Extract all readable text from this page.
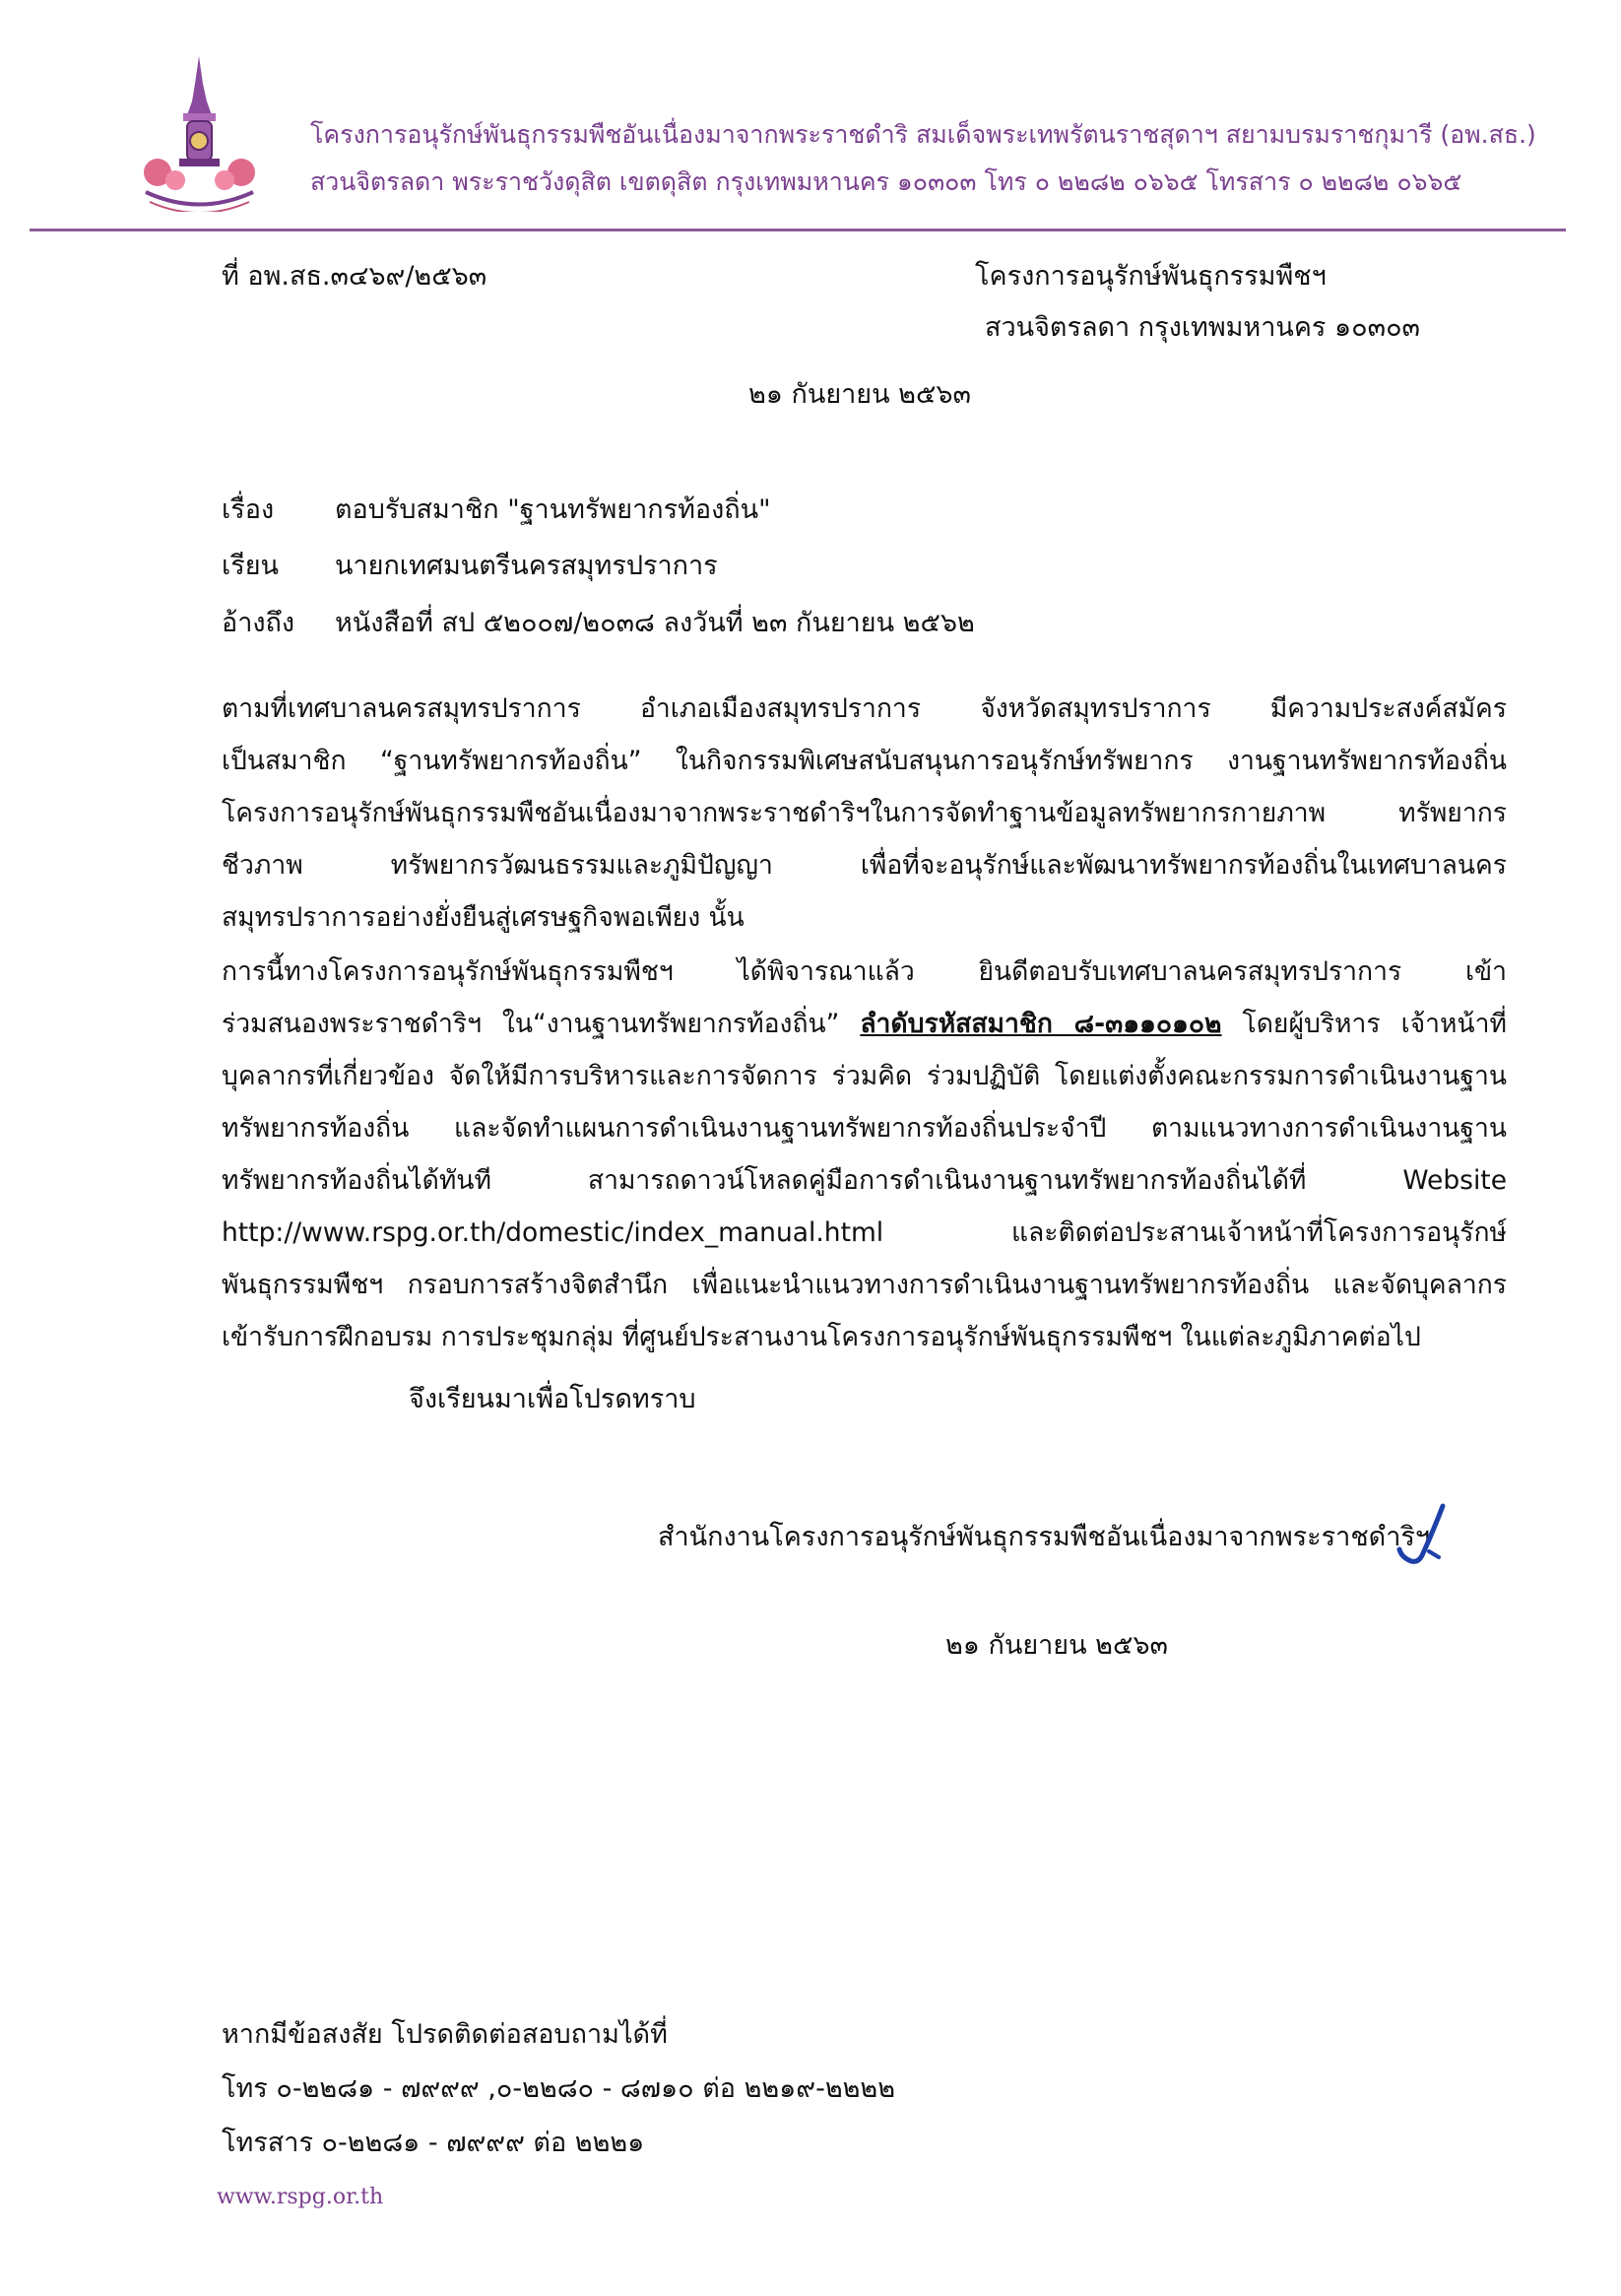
โครงการอนุรักษ์พันธุกรรมพืชอันเนื่องมาจากพระราชดำริ สมเด็จพระเทพรัตนราชสุดาฯ สยามบรมราชกุมารี (อพ.สธ.)
สวนจิตรลดา พระราชวังดุสิต เขตดุสิต กรุงเทพมหานคร ๑๐๓๐๓ โทร ๐ ๒๒๘๒ ๐๖๖๕ โทรสาร ๐ ๒๒๘๒ ๐๖๖๕
ที่ อพ.สธ.๓๔๖๙/๒๕๖๓	โครงการอนุรักษ์พันธุกรรมพืชฯ
สวนจิตรลดา กรุงเทพมหานคร ๑๐๓๐๓
๒๑ กันยายน ๒๕๖๓
เรื่อง ตอบรับสมาชิก "ฐานทรัพยากรท้องถิ่น"
เรียน นายกเทศมนตรีนครสมุทรปราการ
อ้างถึง หนังสือที่ สป ๕๒๐๐๗/๒๐๓๘ ลงวันที่ ๒๓ กันยายน ๒๕๖๒
ตามที่เทศบาลนครสมุทรปราการ อำเภอเมืองสมุทรปราการ จังหวัดสมุทรปราการ มีความประสงค์สมัคร
เป็นสมาชิก “ฐานทรัพยากรท้องถิ่น” ในกิจกรรมพิเศษสนับสนุนการอนุรักษ์ทรัพยากร งานฐานทรัพยากรท้องถิ่น
โครงการอนุรักษ์พันธุกรรมพืชอันเนื่องมาจากพระราชดำริฯในการจัดทำฐานข้อมูลทรัพยากรกายภาพ ทรัพยากร
ชีวภาพ ทรัพยากรวัฒนธรรมและภูมิปัญญา เพื่อที่จะอนุรักษ์และพัฒนาทรัพยากรท้องถิ่นในเทศบาลนคร
สมุทรปราการอย่างยั่งยืนสู่เศรษฐกิจพอเพียง นั้น
การนี้ทางโครงการอนุรักษ์พันธุกรรมพืชฯ ได้พิจารณาแล้ว ยินดีตอบรับเทศบาลนครสมุทรปราการ เข้า
ร่วมสนองพระราชดำริฯ ใน“งานฐานทรัพยากรท้องถิ่น” ลำดับรหัสสมาชิก ๘-๓๑๑๐๑๐๒ โดยผู้บริหาร เจ้าหน้าที่
บุคลากรที่เกี่ยวข้อง จัดให้มีการบริหารและการจัดการ ร่วมคิด ร่วมปฏิบัติ โดยแต่งตั้งคณะกรรมการดำเนินงานฐาน
ทรัพยากรท้องถิ่น และจัดทำแผนการดำเนินงานฐานทรัพยากรท้องถิ่นประจำปี ตามแนวทางการดำเนินงานฐาน
ทรัพยากรท้องถิ่นได้ทันที สามารถดาวน์โหลดคู่มือการดำเนินงานฐานทรัพยากรท้องถิ่นได้ที่ Website
http://www.rspg.or.th/domestic/index_manual.html และติดต่อประสานเจ้าหน้าที่โครงการอนุรักษ์
พันธุกรรมพืชฯ กรอบการสร้างจิตสำนึก เพื่อแนะนำแนวทางการดำเนินงานฐานทรัพยากรท้องถิ่น และจัดบุคลากร
เข้ารับการฝึกอบรม การประชุมกลุ่ม ที่ศูนย์ประสานงานโครงการอนุรักษ์พันธุกรรมพืชฯ ในแต่ละภูมิภาคต่อไป
จึงเรียนมาเพื่อโปรดทราบ
สำนักงานโครงการอนุรักษ์พันธุกรรมพืชอันเนื่องมาจากพระราชดำริฯ
๒๑ กันยายน ๒๕๖๓
หากมีข้อสงสัย โปรดติดต่อสอบถามได้ที่
โทร ๐-๒๒๘๑ - ๗๙๙๙ ,๐-๒๒๘๐ - ๘๗๑๐ ต่อ ๒๒๑๙-๒๒๒๒
โทรสาร ๐-๒๒๘๑ - ๗๙๙๙ ต่อ ๒๒๒๑
www.rspg.or.th
